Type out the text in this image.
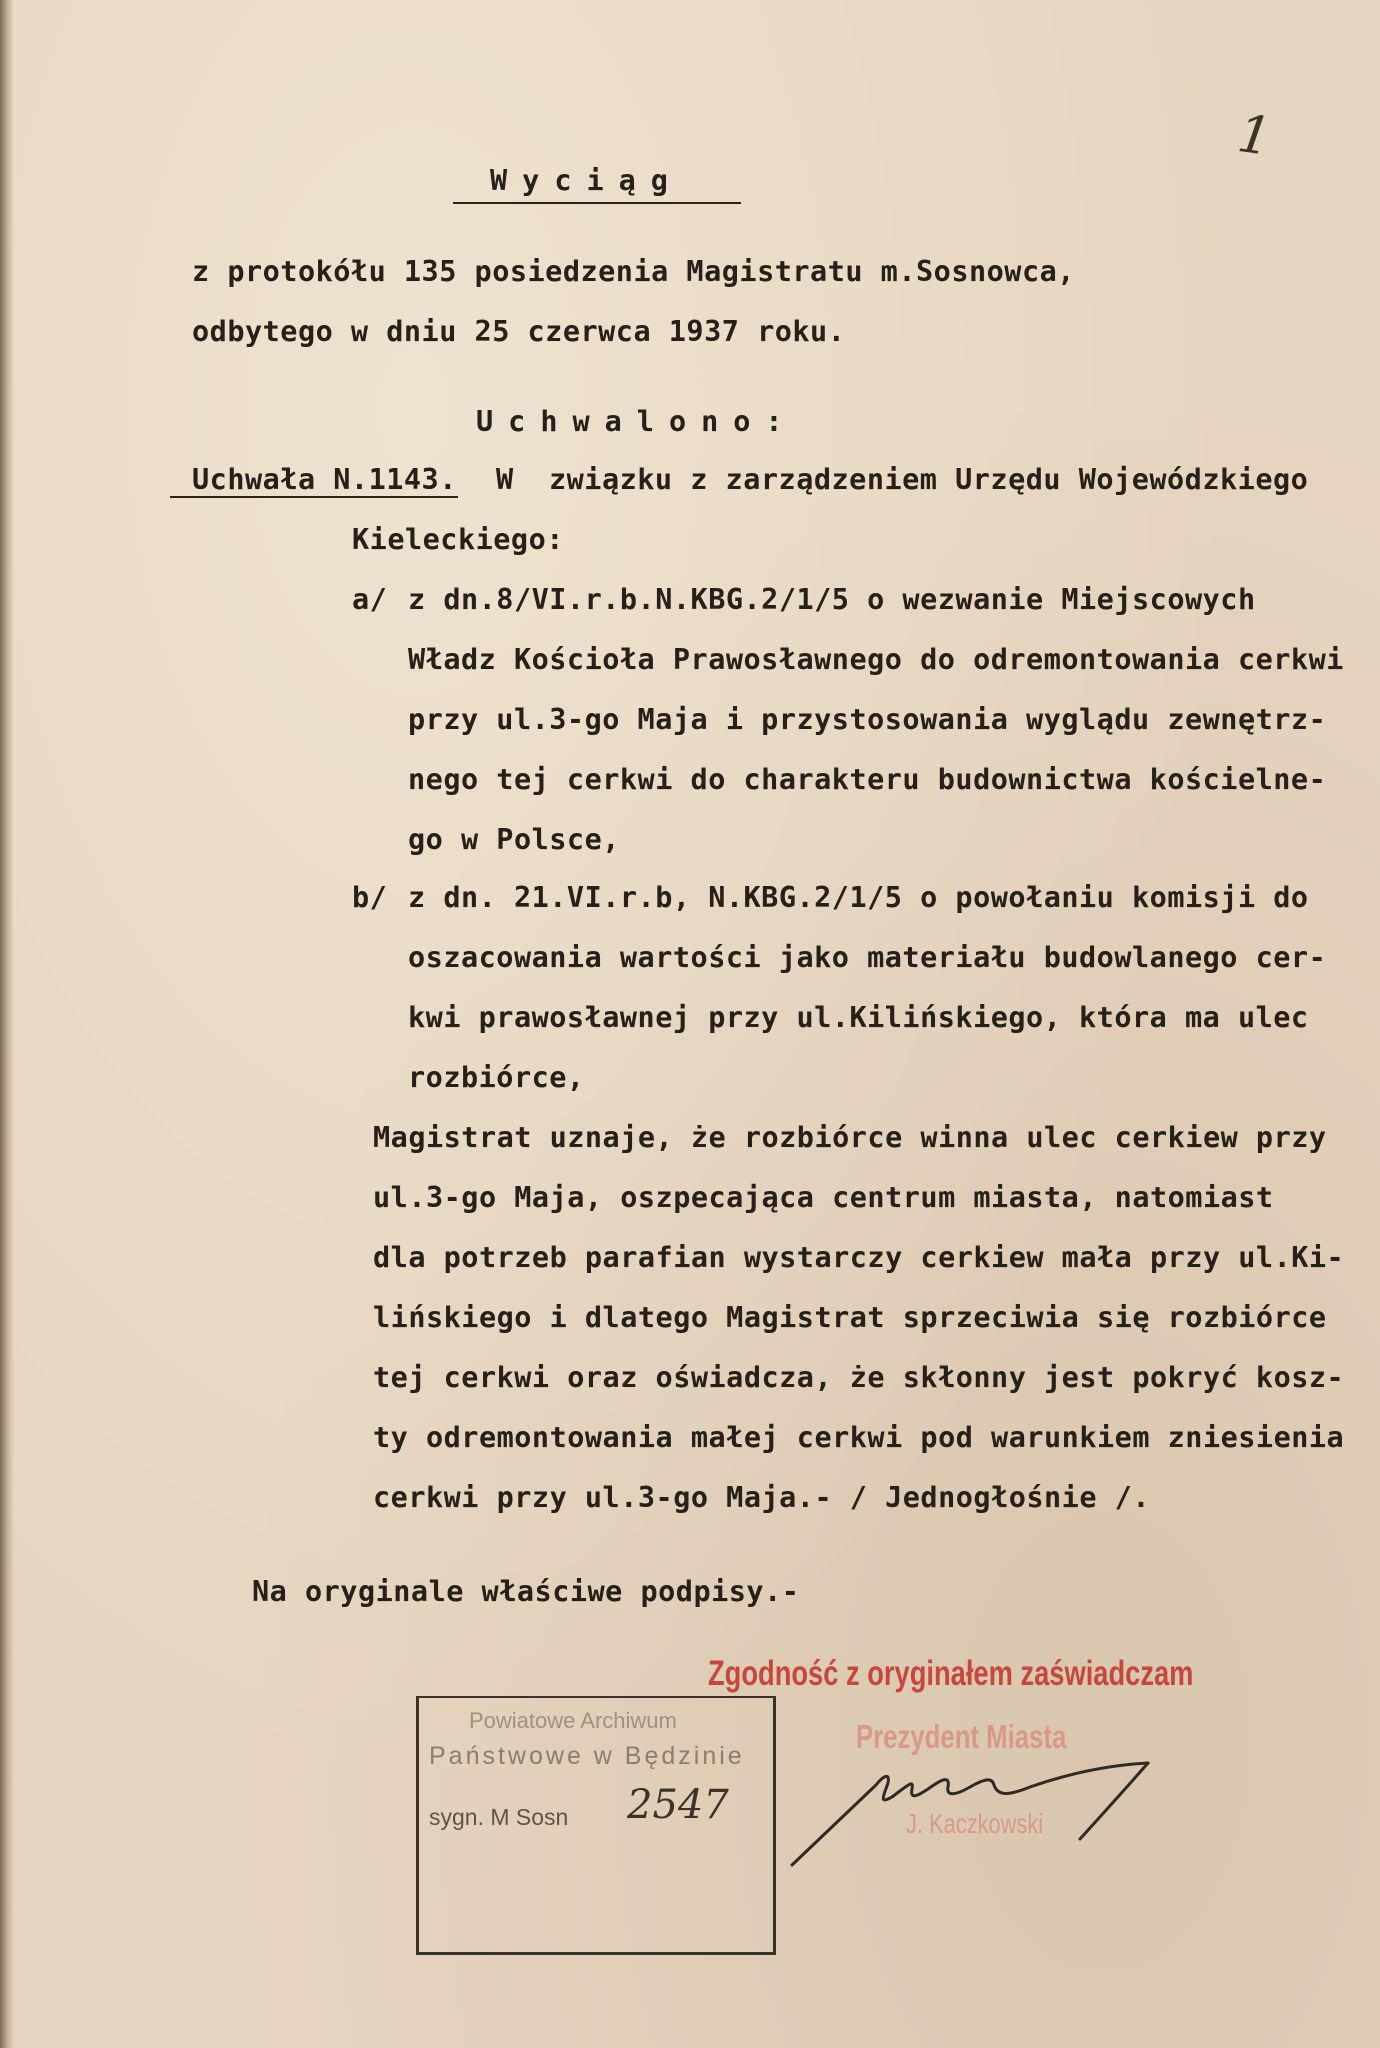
1
Wyciąg
z protokółu 135 posiedzenia Magistratu m.Sosnowca,
odbytego w dniu 25 czerwca 1937 roku.
Uchwalono:
Uchwała N.1143. W  związku z zarządzeniem Urzędu Wojewódzkiego
Kieleckiego:
a/ z dn.8/VI.r.b.N.KBG.2/1/5 o wezwanie Miejscowych
Władz Kościoła Prawosławnego do odremontowania cerkwi
przy ul.3-go Maja i przystosowania wyglądu zewnętrz-
nego tej cerkwi do charakteru budownictwa kościelne-
go w Polsce,
b/ z dn. 21.VI.r.b, N.KBG.2/1/5 o powołaniu komisji do
oszacowania wartości jako materiału budowlanego cer-
kwi prawosławnej przy ul.Kilińskiego, która ma ulec
rozbiórce,
Magistrat uznaje, że rozbiórce winna ulec cerkiew przy
ul.3-go Maja, oszpecająca centrum miasta, natomiast
dla potrzeb parafian wystarczy cerkiew mała przy ul.Ki-
lińskiego i dlatego Magistrat sprzeciwia się rozbiórce
tej cerkwi oraz oświadcza, że skłonny jest pokryć kosz-
ty odremontowania małej cerkwi pod warunkiem zniesienia
cerkwi przy ul.3-go Maja.- / Jednogłośnie /.
Na oryginale właściwe podpisy.-
Zgodność z oryginałem zaświadczam
Prezydent Miasta
J. Kaczkowski
Powiatowe Archiwum
Państwowe w Będzinie
sygn. M Sosn 2547
